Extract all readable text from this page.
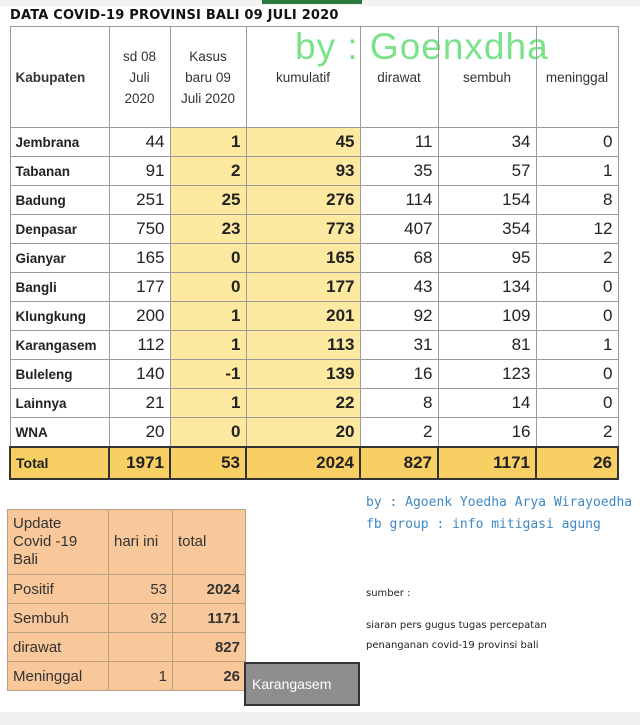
DATA COVID-19 PROVINSI BALI 09 JULI 2020
by : Goenxdha
Kabupaten	sd 08
Juli
2020	Kasus
baru 09
Juli 2020	kumulatif	dirawat	sembuh	meninggal
Jembrana	44	1	45	11	34	0
Tabanan	91	2	93	35	57	1
Badung	251	25	276	114	154	8
Denpasar	750	23	773	407	354	12
Gianyar	165	0	165	68	95	2
Bangli	177	0	177	43	134	0
Klungkung	200	1	201	92	109	0
Karangasem	112	1	113	31	81	1
Buleleng	140	-1	139	16	123	0
Lainnya	21	1	22	8	14	0
WNA	20	0	20	2	16	2
Total	1971	53	2024	827	1171	26
by : Agoenk Yoedha Arya Wirayoedha
fb group : info mitigasi agung
Update
Covid -19
Bali	hari ini	total
Positif	53	2024
Sembuh	92	1171
dirawat		827
Meninggal	1	26
sumber :
siaran pers gugus tugas percepatan
penanganan covid-19 provinsi bali
Karangasem
